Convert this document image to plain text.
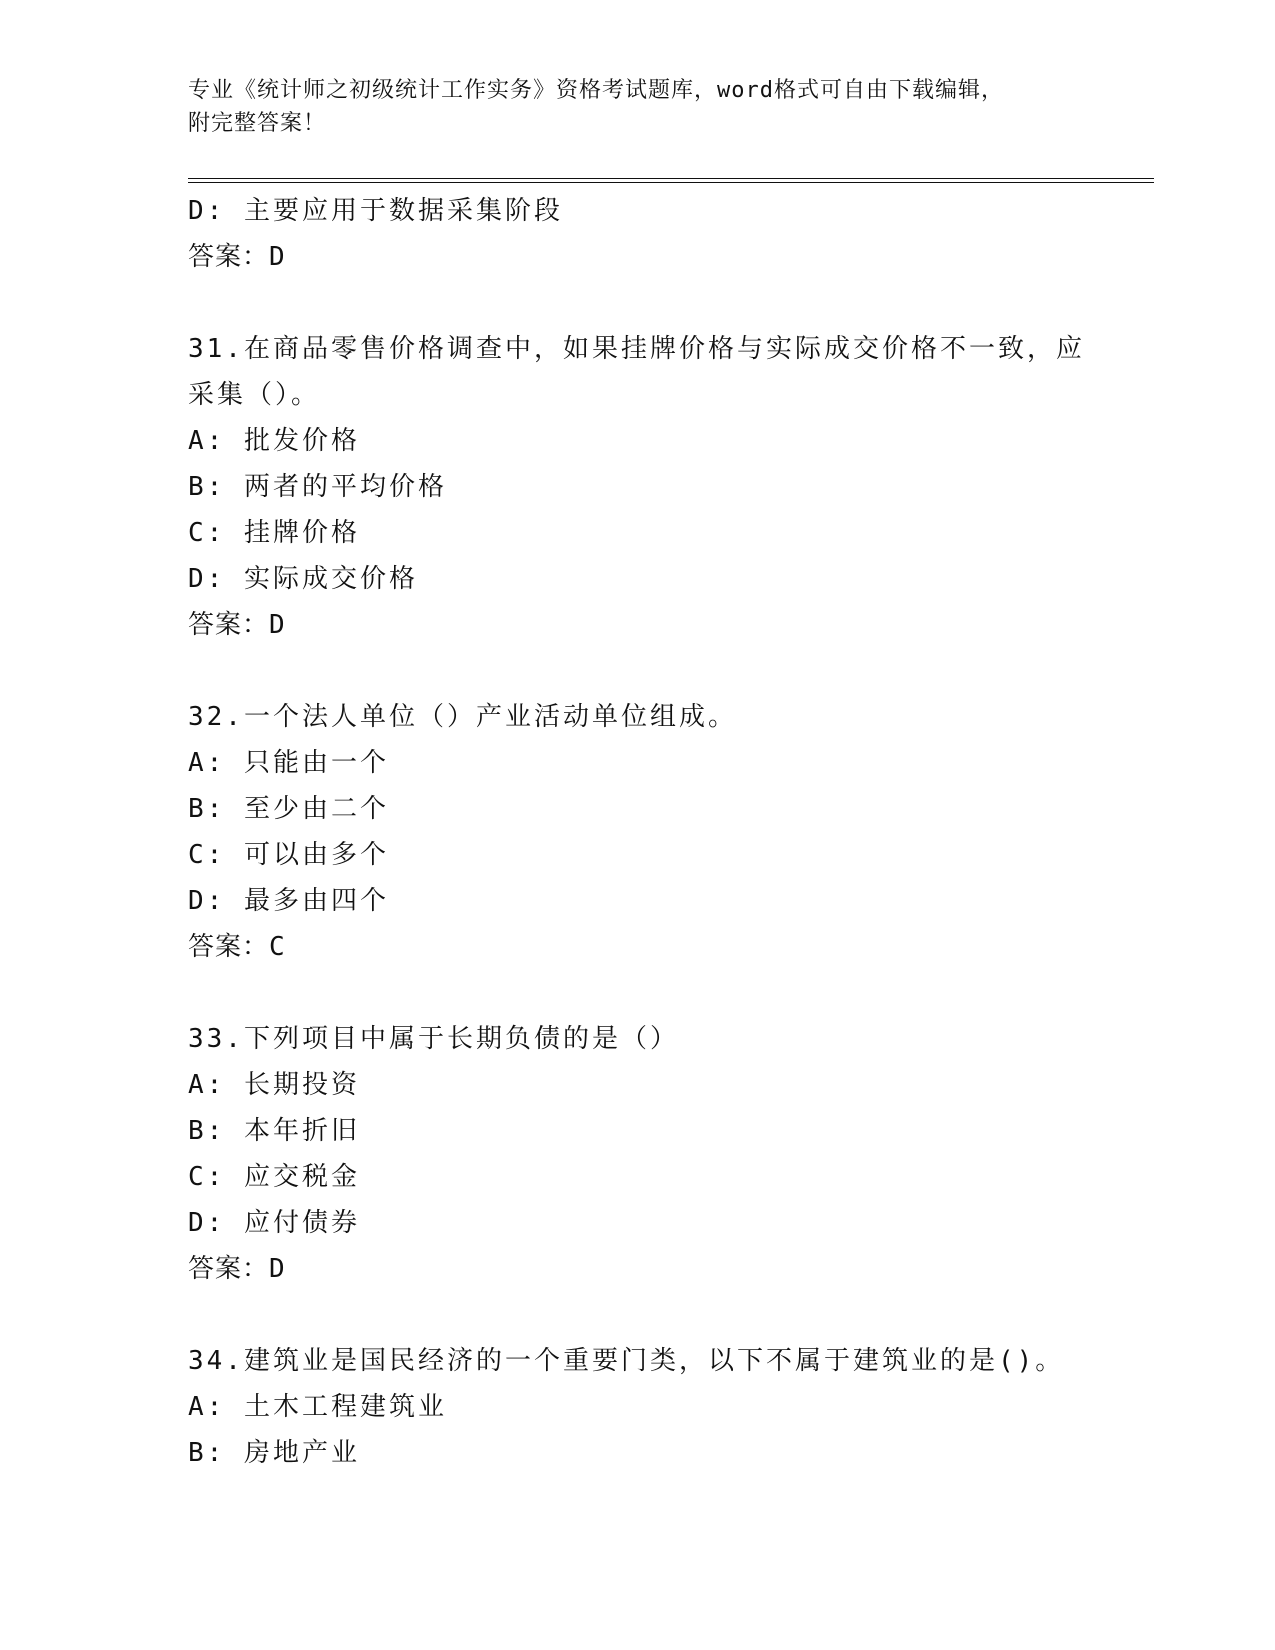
专业《统计师之初级统计工作实务》资格考试题库，word格式可自由下载编辑，
附完整答案！
D: 主要应用于数据采集阶段
答案：D
31.在商品零售价格调查中，如果挂牌价格与实际成交价格不一致，应
采集（）。
A: 批发价格
B: 两者的平均价格
C: 挂牌价格
D: 实际成交价格
答案：D
32.一个法人单位（）产业活动单位组成。
A: 只能由一个
B: 至少由二个
C: 可以由多个
D: 最多由四个
答案：C
33.下列项目中属于长期负债的是（）
A: 长期投资
B: 本年折旧
C: 应交税金
D: 应付债券
答案：D
34.建筑业是国民经济的一个重要门类，以下不属于建筑业的是()。
A: 土木工程建筑业
B: 房地产业
